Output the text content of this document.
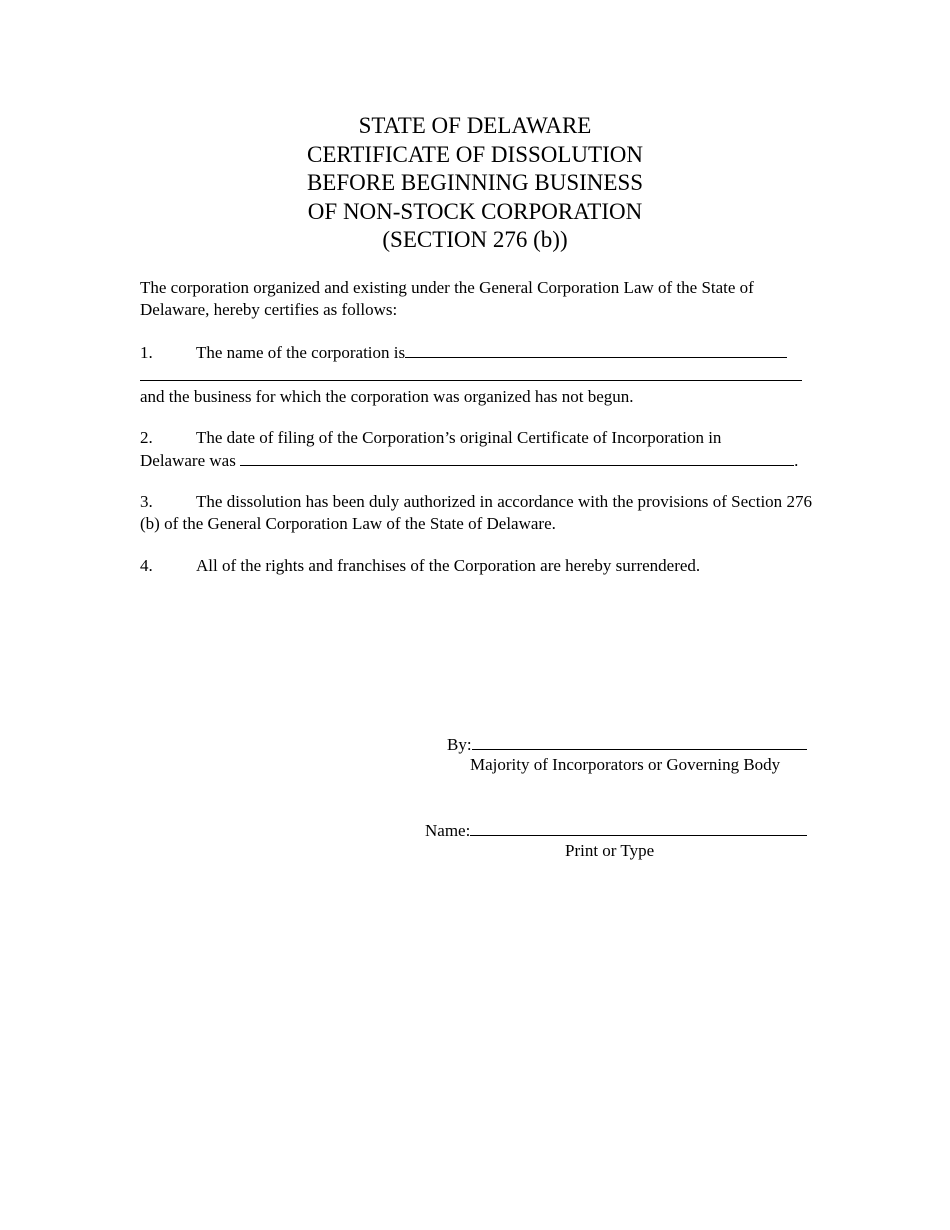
STATE OF DELAWARE
CERTIFICATE OF DISSOLUTION
BEFORE BEGINNING BUSINESS
OF NON-STOCK CORPORATION
(SECTION 276 (b))
The corporation organized and existing under the General Corporation Law of the State of Delaware, hereby certifies as follows:
1.	The name of the corporation is
and the business for which the corporation was organized has not begun.
2.	The date of filing of the Corporation’s original Certificate of Incorporation in
Delaware was	.
3.	The dissolution has been duly authorized in accordance with the provisions of Section 276 (b) of the General Corporation Law of the State of Delaware.
4.	All of the rights and franchises of the Corporation are hereby surrendered.
By:
Majority of Incorporators or Governing Body
Name:
Print or Type
